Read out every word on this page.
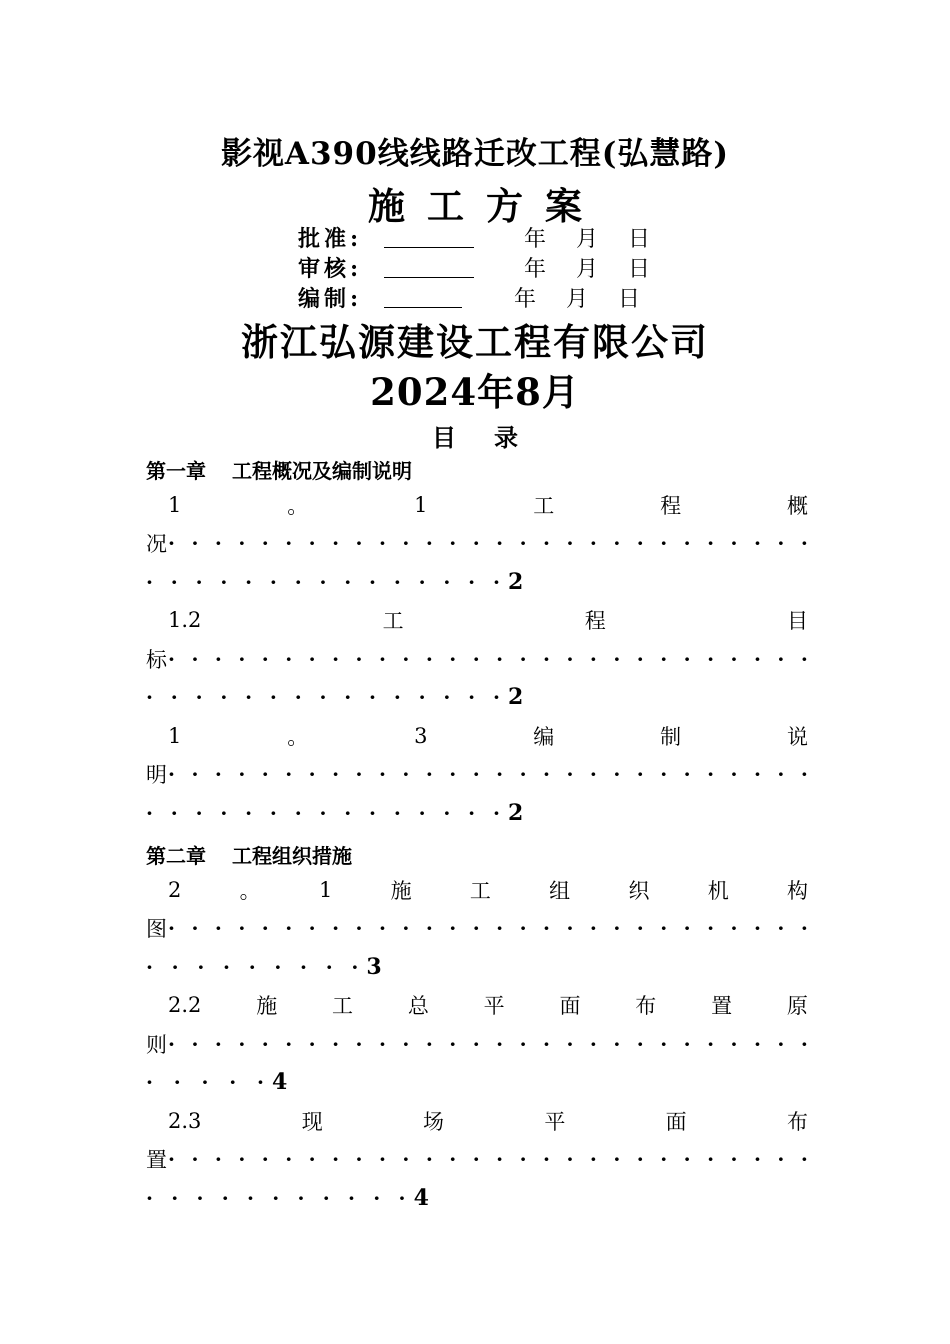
影视A390线线路迁改工程(弘慧路)
施工方案
批准:	年 月 日
审核:	年 月 日
编制:	年 月 日
浙江弘源建设工程有限公司
2024年8月
目录
第一章 工程概况及编制说明
1	。	1	工	程	概
况 · · · · · · · · · · · · · · · · · · · · · · · · · · · ·
· · · · · · · · · · · · · · · 2
1.2	工	程	目
标 · · · · · · · · · · · · · · · · · · · · · · · · · · · ·
· · · · · · · · · · · · · · · 2
1	。	3	编	制	说
明 · · · · · · · · · · · · · · · · · · · · · · · · · · · ·
· · · · · · · · · · · · · · · 2
第二章 工程组织措施
2	。	1	施	工	组	织	机	构
图 · · · · · · · · · · · · · · · · · · · · · · · · · · · ·
· · · · · · · · · 3
2.2	施	工	总	平	面	布	置	原
则 · · · · · · · · · · · · · · · · · · · · · · · · · · · ·
· · · · · 4
2.3	现	场	平	面	布
置 · · · · · · · · · · · · · · · · · · · · · · · · · · · ·
· · · · · · · · · · · 4
